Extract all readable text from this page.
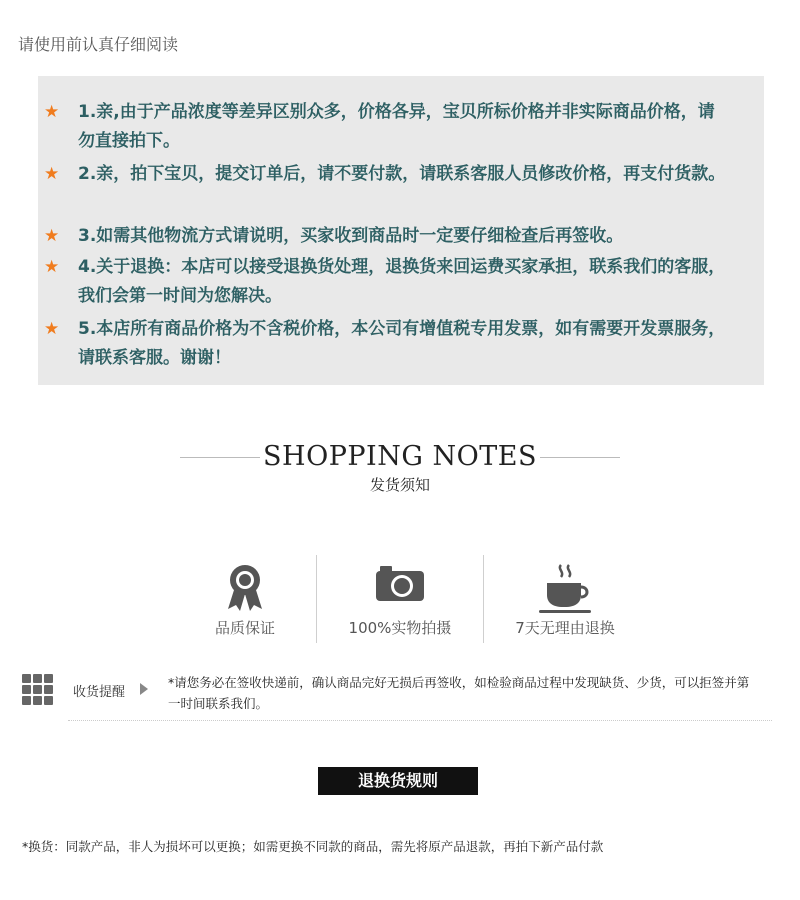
请使用前认真仔细阅读
★ 1.亲,由于产品浓度等差异区别众多，价格各异，宝贝所标价格并非实际商品价格，请勿直接拍下。
★ 2.亲，拍下宝贝，提交订单后，请不要付款，请联系客服人员修改价格，再支付货款。
★ 3.如需其他物流方式请说明，买家收到商品时一定要仔细检查后再签收。
★ 4.关于退换：本店可以接受退换货处理，退换货来回运费买家承担，联系我们的客服，我们会第一时间为您解决。
★ 5.本店所有商品价格为不含税价格，本公司有增值税专用发票，如有需要开发票服务，请联系客服。谢谢！
SHOPPING NOTES
发货须知
品质保证	100%实物拍摄	7天无理由退换
收货提醒
*请您务必在签收快递前，确认商品完好无损后再签收，如检验商品过程中发现缺货、少货，可以拒签并第一时间联系我们。
退换货规则
*换货：同款产品，非人为损坏可以更换；如需更换不同款的商品，需先将原产品退款，再拍下新产品付款
